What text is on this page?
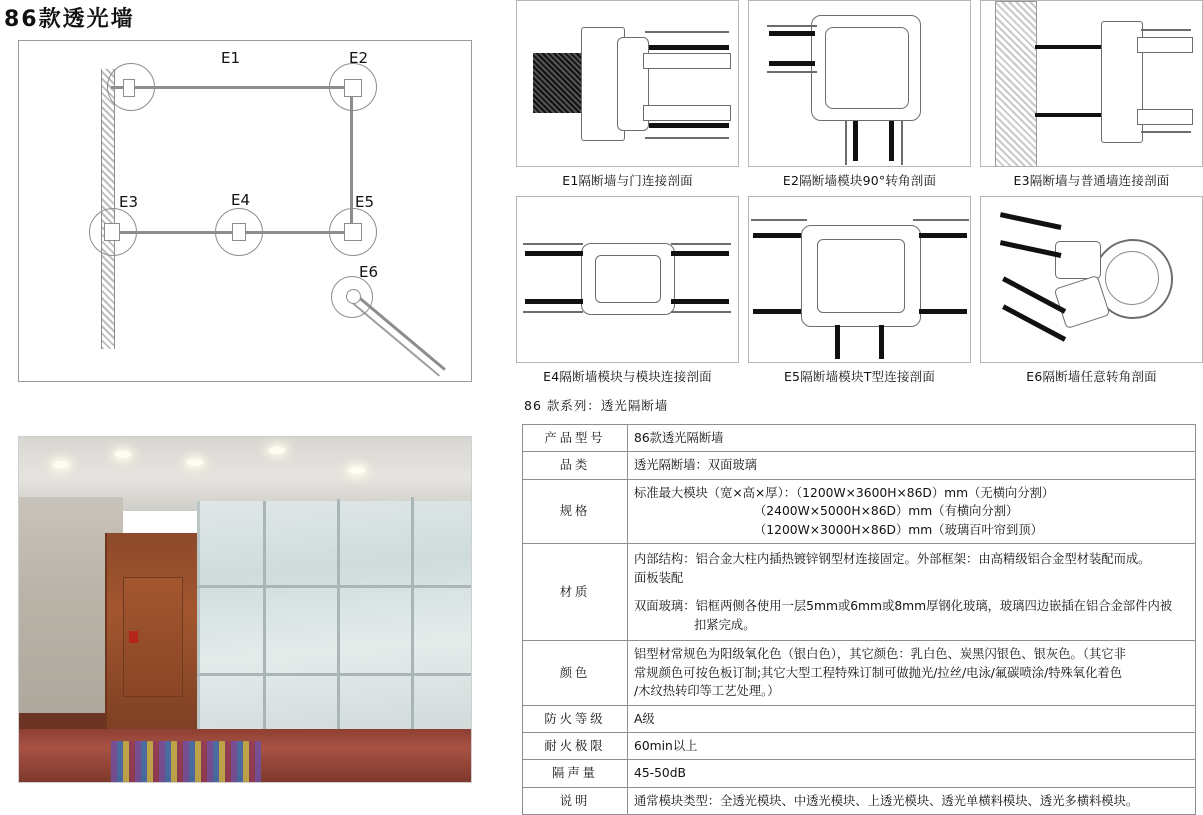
86款透光墙
E1	E2
E3	E4	E5
E6
E1隔断墙与门连接剖面	E2隔断墙模块90°转角剖面	E3隔断墙与普通墙连接剖面
E4隔断墙模块与模块连接剖面	E5隔断墙模块T型连接剖面	E6隔断墙任意转角剖面
86 款系列：透光隔断墙
产品型号	86款透光隔断墙

品类	透光隔断墙：双面玻璃

规格	标准最大模块（宽×高×厚）：（1200W×3600H×86D）mm（无横向分割）
（2400W×5000H×86D）mm（有横向分割）
（1200W×3000H×86D）mm（玻璃百叶帘到顶）

材质	内部结构：铝合金大柱内插热镀锌钢型材连接固定。外部框架：由高精级铝合金型材装配而成。
面板装配
双面玻璃：铝框两侧各使用一层5mm或6mm或8mm厚钢化玻璃，玻璃四边嵌插在铝合金部件内被
扣紧完成。

颜色	铝型材常规色为阳级氧化色（银白色），其它颜色：乳白色、炭黑闪银色、银灰色。（其它非
常规颜色可按色板订制;其它大型工程特殊订制可做抛光/拉丝/电泳/氟碳喷涂/特殊氧化着色
/木纹热转印等工艺处理。）

防火等级	A级

耐火极限	60min以上

隔声量	45-50dB

说明	通常模块类型：全透光模块、中透光模块、上透光模块、透光单横料模块、透光多横料模块。
